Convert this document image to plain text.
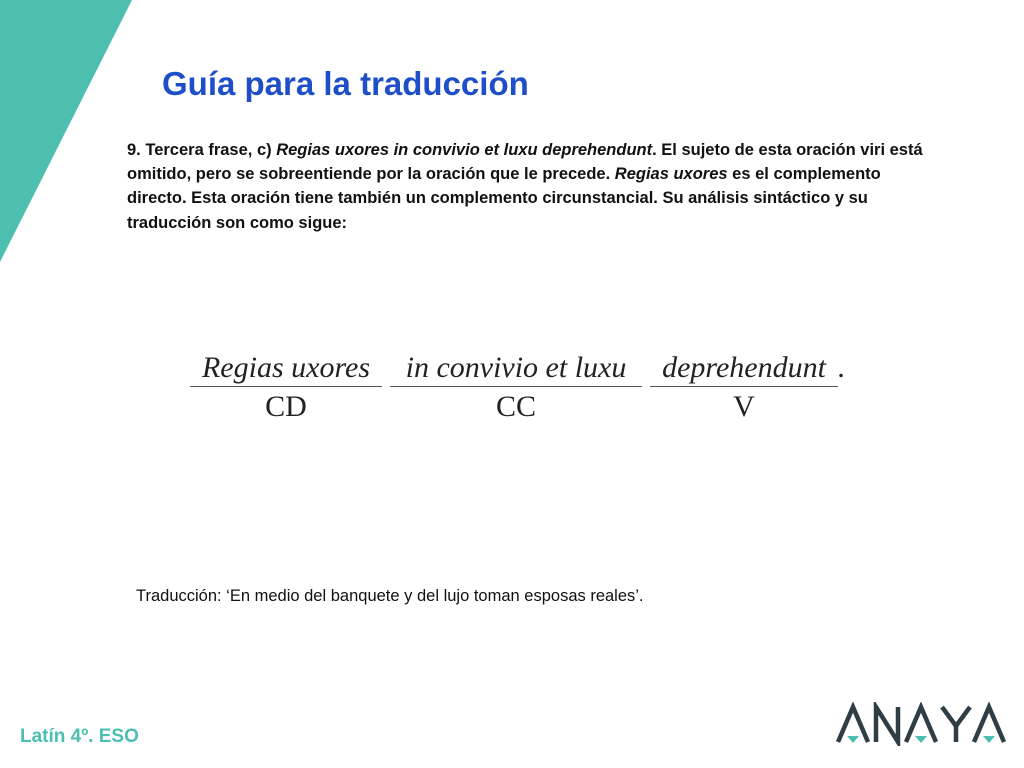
Guía para la traducción

9. Tercera frase, c) Regias uxores in convivio et luxu deprehendunt. El sujeto de esta oración viri está omitido, pero se sobreentiende por la oración que le precede. Regias uxores es el complemento directo. Esta oración tiene también un complemento circunstancial. Su análisis sintáctico y su traducción son como sigue:

Regias uxores
CD
in convivio et luxu
CC
deprehendunt
V
.

Traducción: ‘En medio del banquete y del lujo toman esposas reales’.

Latín 4º. ESO
